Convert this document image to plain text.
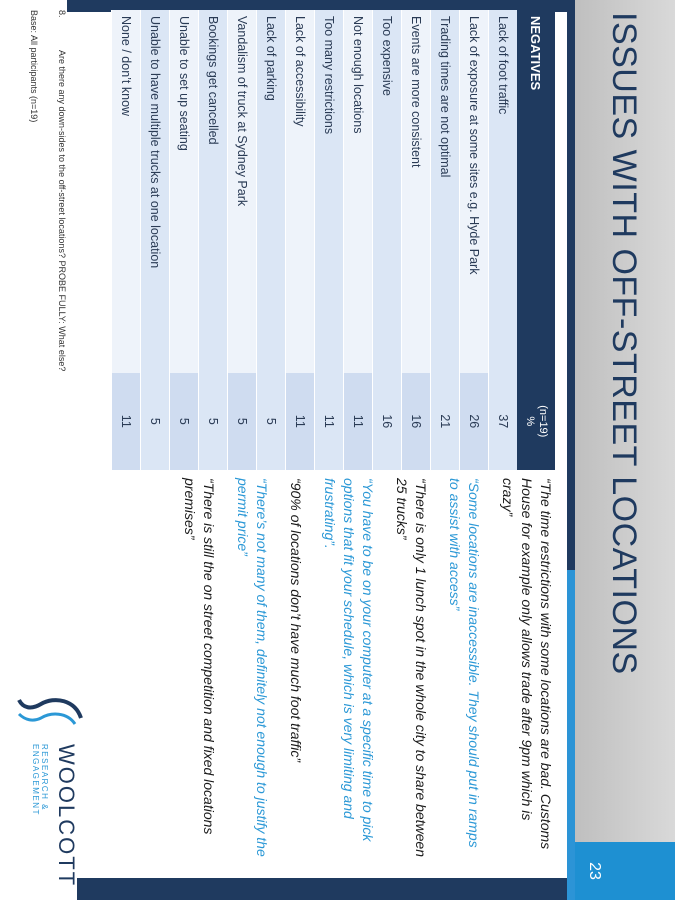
23
ISSUES WITH OFF-STREET LOCATIONS
NEGATIVES	(n=19)
%
Lack of foot traffic	37
Lack of exposure at some sites e.g. Hyde Park	26
Trading times are not optimal	21
Events are more consistent	16
Too expensive	16
Not enough locations	11
Too many restrictions	11
Lack of accessibility	11
Lack of parking	5
Vandalism of truck at Sydney Park	5
Bookings get cancelled	5
Unable to set up seating	5
Unable to have multiple trucks at one location	5
None / don’t know	11

“The time restrictions with some locations are bad. Customs House for example only allows trade after 9pm which is crazy”

“Some locations are inaccessible. They should put in ramps to assist with access”

“There is only 1 lunch spot in the whole city to share between 25 trucks”

“You have to be on your computer at a specific time to pick options that fit your schedule, which is very limiting and frustrating”.

“90% of locations don’t have much foot traffic”

“There’s not many of them, definitely not enough to justify the permit price”

“There is still the on street competition and fixed locations premises”

WOOLCOTT
RESEARCH & ENGAGEMENT
8.
Are there any down-sides to the off-street locations? PROBE FULLY: What else?
Base: All participants (n=19)
